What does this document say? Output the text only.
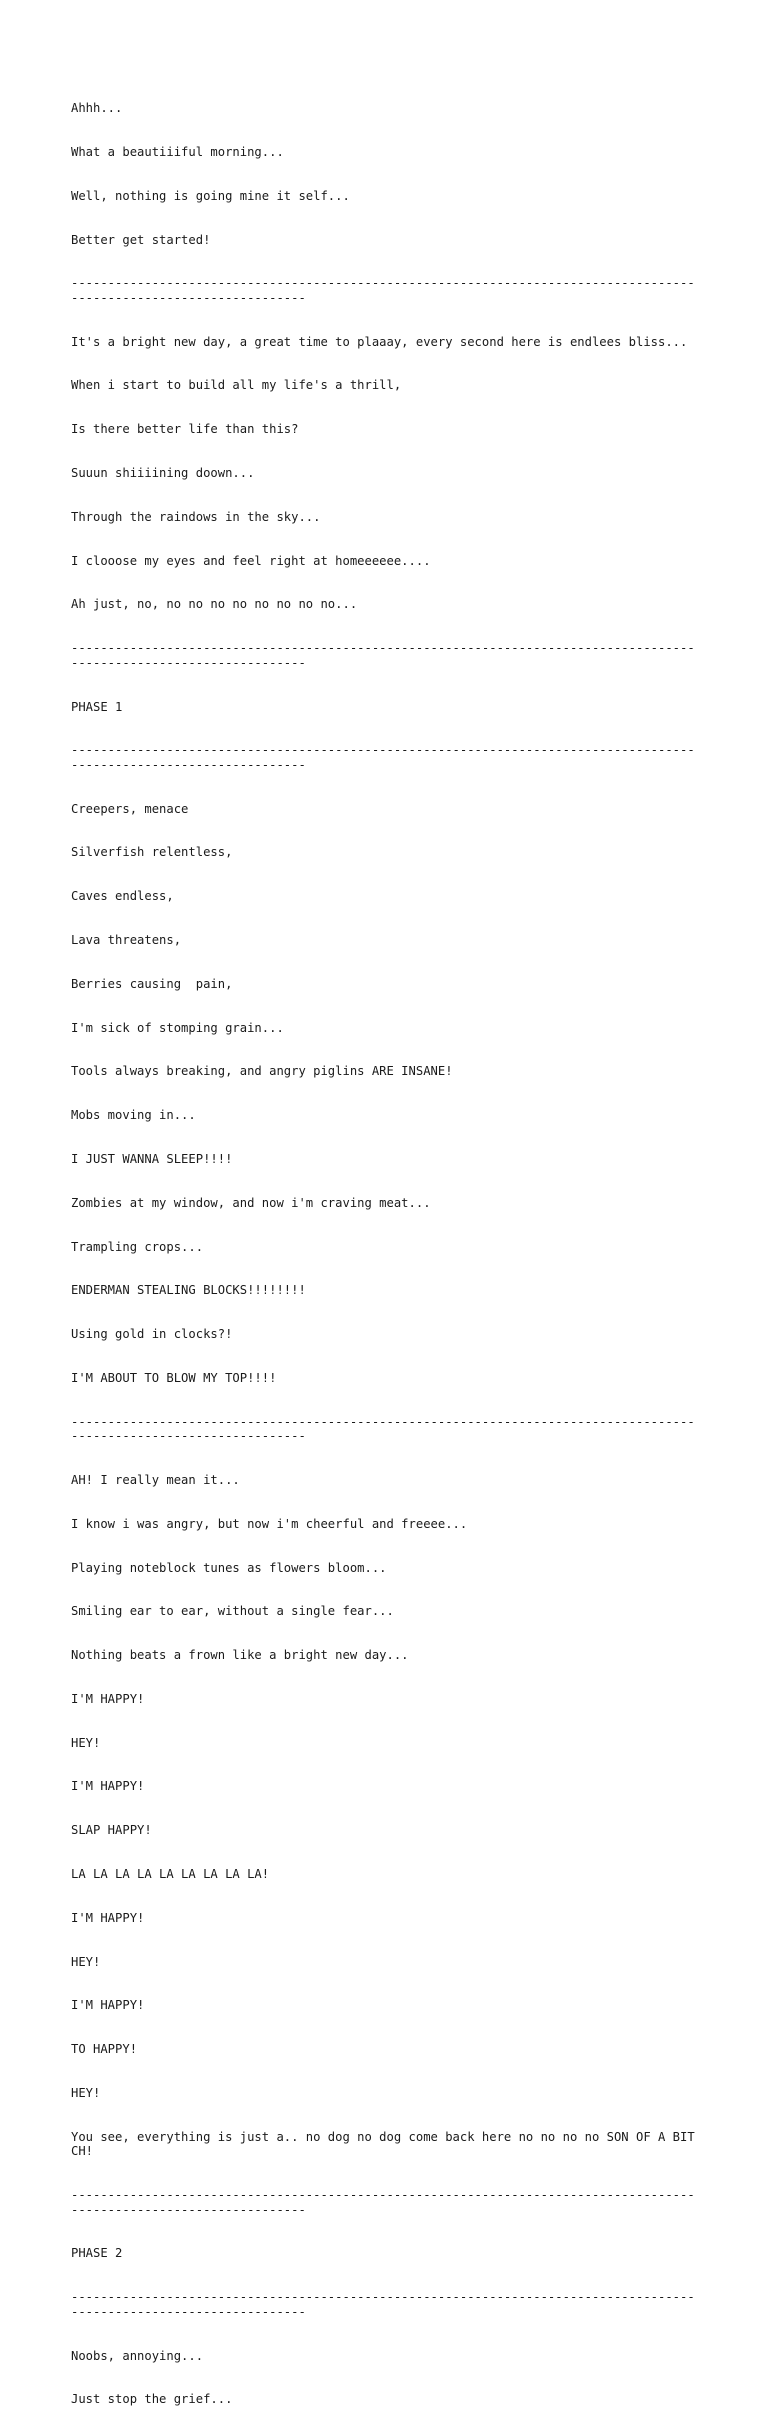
Ahhh...

What a beautiiiful morning...

Well, nothing is going mine it self...

Better get started!

---------------------------------------------------------------------------------------------------------------------

It's a bright new day, a great time to plaaay, every second here is endlees bliss...

When i start to build all my life's a thrill,

Is there better life than this?

Suuun shiiiining doown...

Through the raindows in the sky...

I clooose my eyes and feel right at homeeeeee....

Ah just, no, no no no no no no no no...

---------------------------------------------------------------------------------------------------------------------

PHASE 1

---------------------------------------------------------------------------------------------------------------------

Creepers, menace

Silverfish relentless,

Caves endless,

Lava threatens,

Berries causing  pain,

I'm sick of stomping grain...

Tools always breaking, and angry piglins ARE INSANE!

Mobs moving in...

I JUST WANNA SLEEP!!!!

Zombies at my window, and now i'm craving meat...

Trampling crops...

ENDERMAN STEALING BLOCKS!!!!!!!!

Using gold in clocks?!

I'M ABOUT TO BLOW MY TOP!!!!

---------------------------------------------------------------------------------------------------------------------

AH! I really mean it...

I know i was angry, but now i'm cheerful and freeee...

Playing noteblock tunes as flowers bloom...

Smiling ear to ear, without a single fear...

Nothing beats a frown like a bright new day...

I'M HAPPY!

HEY!

I'M HAPPY!

SLAP HAPPY!

LA LA LA LA LA LA LA LA LA!

I'M HAPPY!

HEY!

I'M HAPPY!

TO HAPPY!

HEY!

You see, everything is just a.. no dog no dog come back here no no no no SON OF A BITCH!

---------------------------------------------------------------------------------------------------------------------

PHASE 2

---------------------------------------------------------------------------------------------------------------------

Noobs, annoying...

Just stop the grief...
